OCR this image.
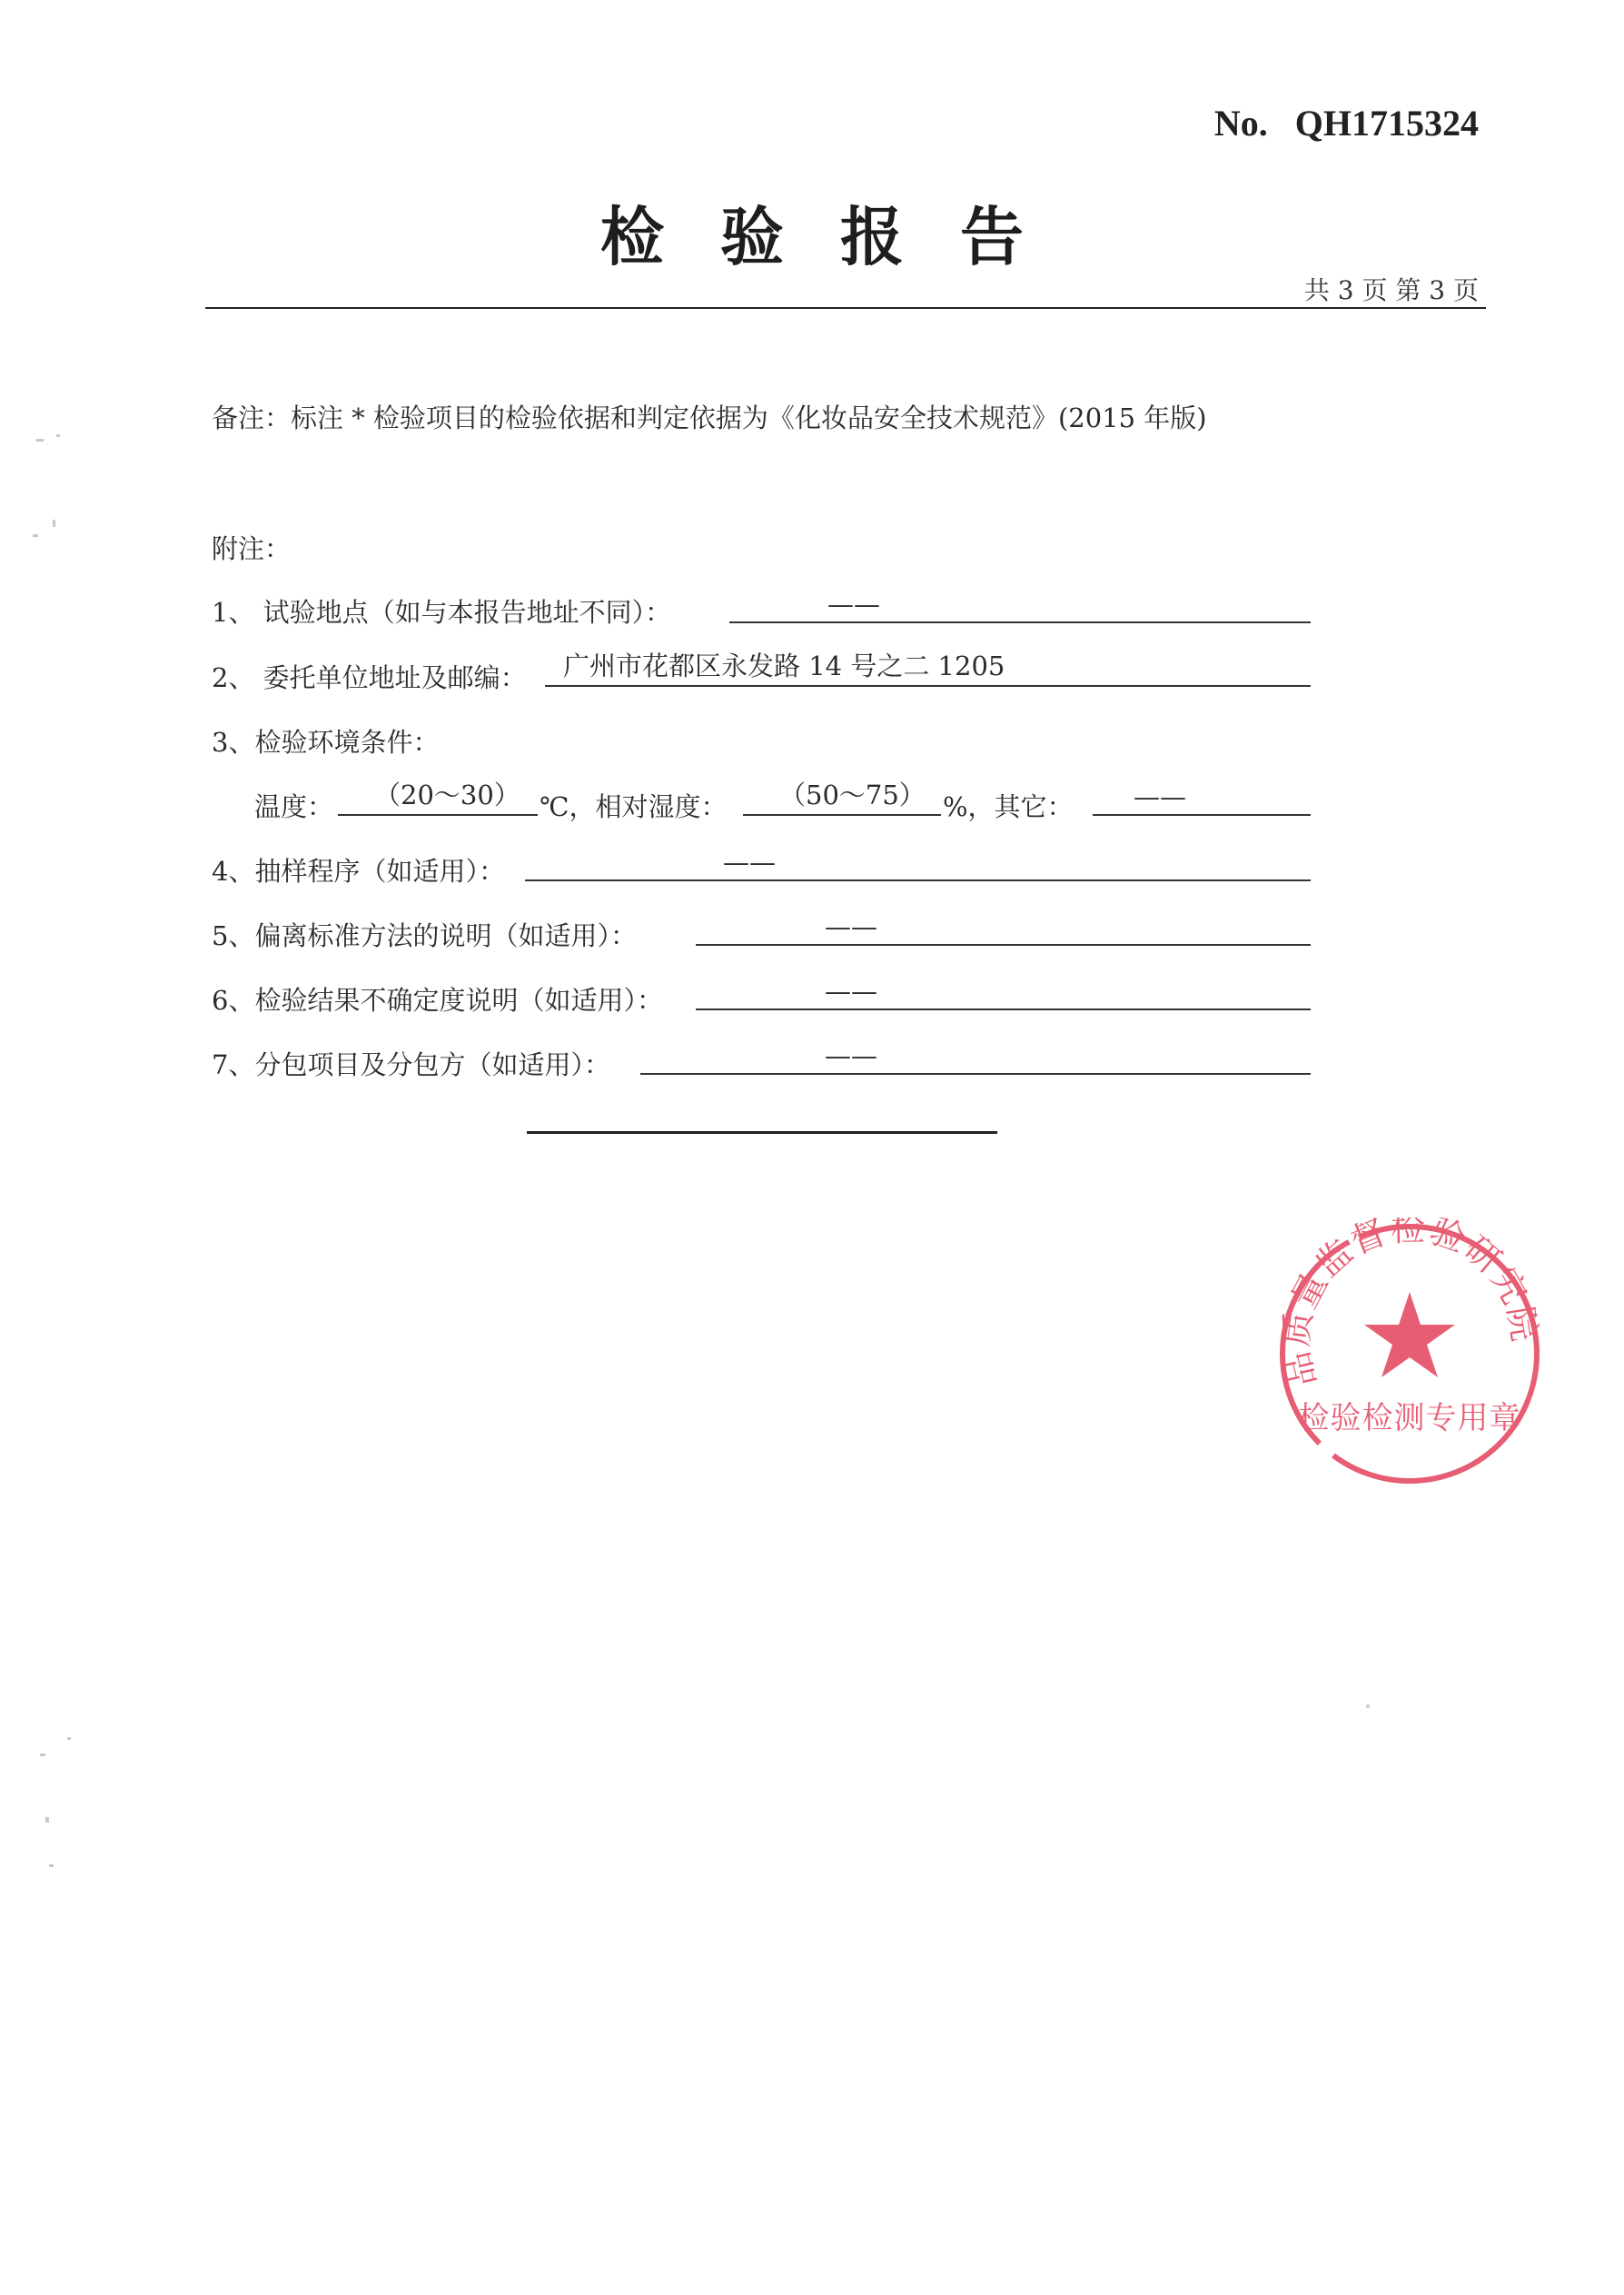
No. QH1715324
检验报告
共 3 页 第 3 页
备注：标注 * 检验项目的检验依据和判定依据为《化妆品安全技术规范》(2015 年版)
附注：
1、 试验地点（如与本报告地址不同）：	——
2、 委托单位地址及邮编： 广州市花都区永发路 14 号之二 1205
3、检验环境条件：
温度： （20～30） ℃，相对湿度： （50～75） %，其它： ——
4、抽样程序（如适用）：	——
5、偏离标准方法的说明（如适用）：	——
6、检验结果不确定度说明（如适用）：	——
7、分包项目及分包方（如适用）：	——
品质量监督检验研究院
检验检测专用章
